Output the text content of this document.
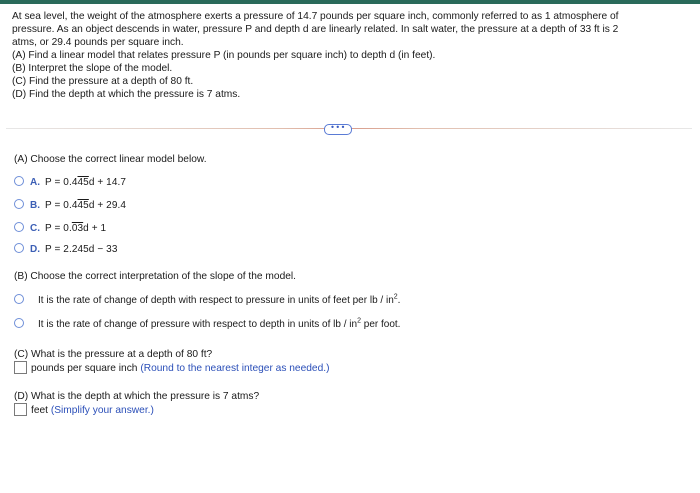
At sea level, the weight of the atmosphere exerts a pressure of 14.7 pounds per square inch, commonly referred to as 1 atmosphere of

pressure. As an object descends in water, pressure P and depth d are linearly related. In salt water, the pressure at a depth of 33 ft is 2

atms, or 29.4 pounds per square inch.

(A) Find a linear model that relates pressure P (in pounds per square inch) to depth d (in feet).

(B) Interpret the slope of the model.

(C) Find the pressure at a depth of 80 ft.

(D) Find the depth at which the pressure is 7 atms.

•••
(A) Choose the correct linear model below.
A. P = 0.445d + 14.7
B. P = 0.445d + 29.4
C. P = 0.03d + 1
D. P = 2.245d − 33
(B) Choose the correct interpretation of the slope of the model.
It is the rate of change of depth with respect to pressure in units of feet per lb / $in^2$.
It is the rate of change of pressure with respect to depth in units of lb / $in^2$ per foot.
(C) What is the pressure at a depth of 80 ft?
pounds per square inch (Round to the nearest integer as needed.)
(D) What is the depth at which the pressure is 7 atms?
feet (Simplify your answer.)
